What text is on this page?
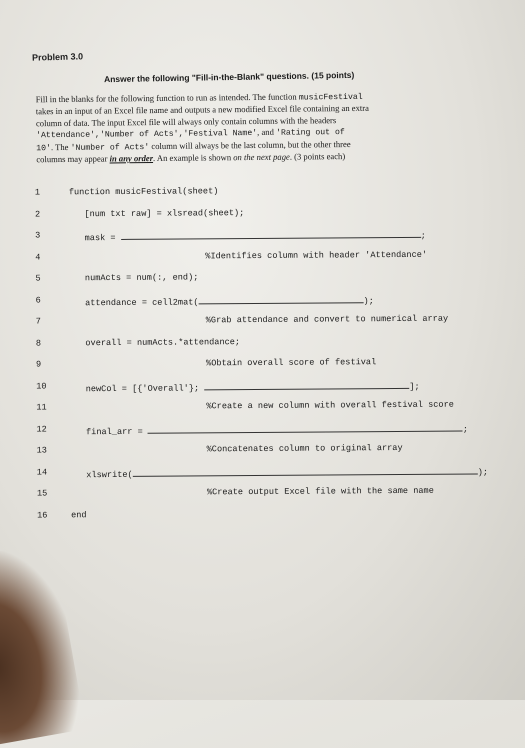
Problem 3.0
Answer the following "Fill-in-the-Blank" questions. (15 points)
Fill in the blanks for the following function to run as intended. The function musicFestival
takes in an input of an Excel file name and outputs a new modified Excel file containing an extra
column of data. The input Excel file will always only contain columns with the headers
'Attendance','Number of Acts','Festival Name', and 'Rating out of
10'. The 'Number of Acts' column will always be the last column, but the other three
columns may appear in any order. An example is shown on the next page. (3 points each)
1	function musicFestival(sheet)
2	[num txt raw] = xlsread(sheet);
3	mask =	;
4	%Identifies column with header 'Attendance'
5	numActs = num(:, end);
6	attendance = cell2mat(	);
7	%Grab attendance and convert to numerical array
8	overall = numActs.*attendance;
9	%Obtain overall score of festival
10	newCol = [{'Overall'};	];
11	%Create a new column with overall festival score
12	final_arr =	;
13	%Concatenates column to original array
14	xlswrite(	);
15	%Create output Excel file with the same name
16	end
